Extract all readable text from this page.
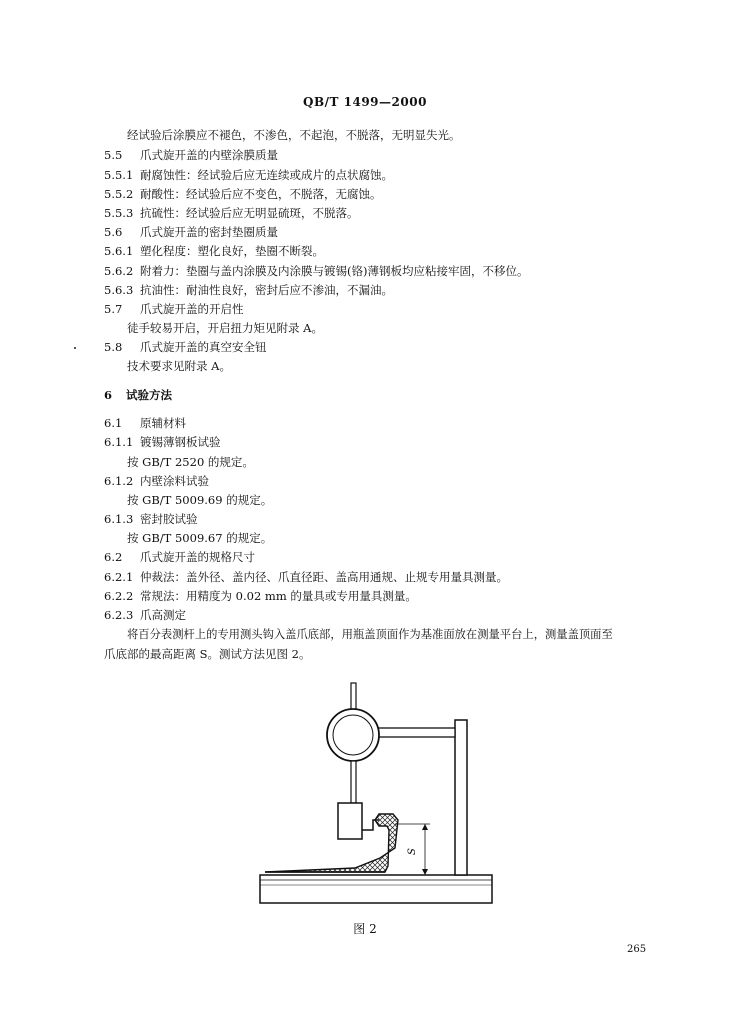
QB/T 1499—2000
经试验后涂膜应不褪色，不渗色，不起泡，不脱落，无明显失光。
5.5 爪式旋开盖的内壁涂膜质量
5.5.1 耐腐蚀性：经试验后应无连续或成片的点状腐蚀。
5.5.2 耐酸性：经试验后应不变色，不脱落，无腐蚀。
5.5.3 抗硫性：经试验后应无明显硫斑，不脱落。
5.6 爪式旋开盖的密封垫圈质量
5.6.1 塑化程度：塑化良好，垫圈不断裂。
5.6.2 附着力：垫圈与盖内涂膜及内涂膜与镀锡(铬)薄钢板均应粘接牢固，不移位。
5.6.3 抗油性：耐油性良好，密封后应不渗油，不漏油。
5.7 爪式旋开盖的开启性
徒手较易开启，开启扭力矩见附录 A。
5.8 爪式旋开盖的真空安全钮
技术要求见附录 A。
6 试验方法
6.1 原辅材料
6.1.1 镀锡薄钢板试验
按 GB/T 2520 的规定。
6.1.2 内壁涂料试验
按 GB/T 5009.69 的规定。
6.1.3 密封胶试验
按 GB/T 5009.67 的规定。
6.2 爪式旋开盖的规格尺寸
6.2.1 仲裁法：盖外径、盖内径、爪直径距、盖高用通规、止规专用量具测量。
6.2.2 常规法：用精度为 0.02 mm 的量具或专用量具测量。
6.2.3 爪高测定
将百分表测杆上的专用测头钩入盖爪底部，用瓶盖顶面作为基准面放在测量平台上，测量盖顶面至
爪底部的最高距离 S。测试方法见图 2。
S
图 2
265
